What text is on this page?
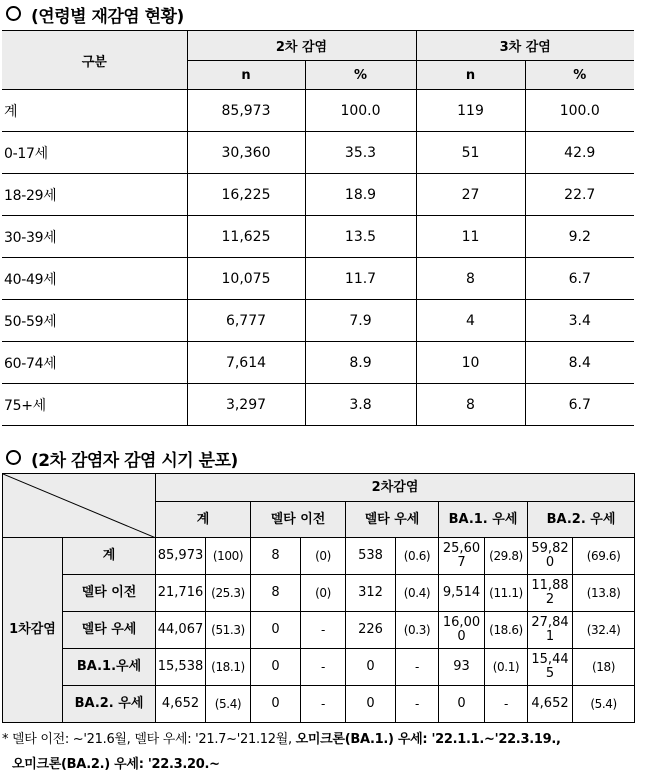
(연령별 재감염 현황)
구분	2차 감염		3차 감염	
	n	%	n	%
계	85,973	100.0	119	100.0
0-17세	30,360	35.3	51	42.9
18-29세	16,225	18.9	27	22.7
30-39세	11,625	13.5	11	9.2
40-49세	10,075	11.7	8	6.7
50-59세	6,777	7.9	4	3.4
60-74세	7,614	8.9	10	8.4
75+세	3,297	3.8	8	6.7
(2차 감염자 감염 시기 분포)
	2차감염									
		계		델타 이전		델타 우세		BA.1. 우세		BA.2. 우세	
1차감염	계	85,973	(100)	8	(0)	538	(0.6)	25,607	(29.8)	59,820	(69.6)
	델타 이전	21,716	(25.3)	8	(0)	312	(0.4)	9,514	(11.1)	11,882	(13.8)
	델타 우세	44,067	(51.3)	0	-	226	(0.3)	16,000	(18.6)	27,841	(32.4)
	BA.1.우세	15,538	(18.1)	0	-	0	-	93	(0.1)	15,445	(18)
	BA.2. 우세	4,652	(5.4)	0	-	0	-	0	-	4,652	(5.4)
* 델타 이전: ~'21.6월, 델타 우세: '21.7~'21.12월, 오미크론(BA.1.) 우세: '22.1.1.~'22.3.19.,
오미크론(BA.2.) 우세: '22.3.20.~
